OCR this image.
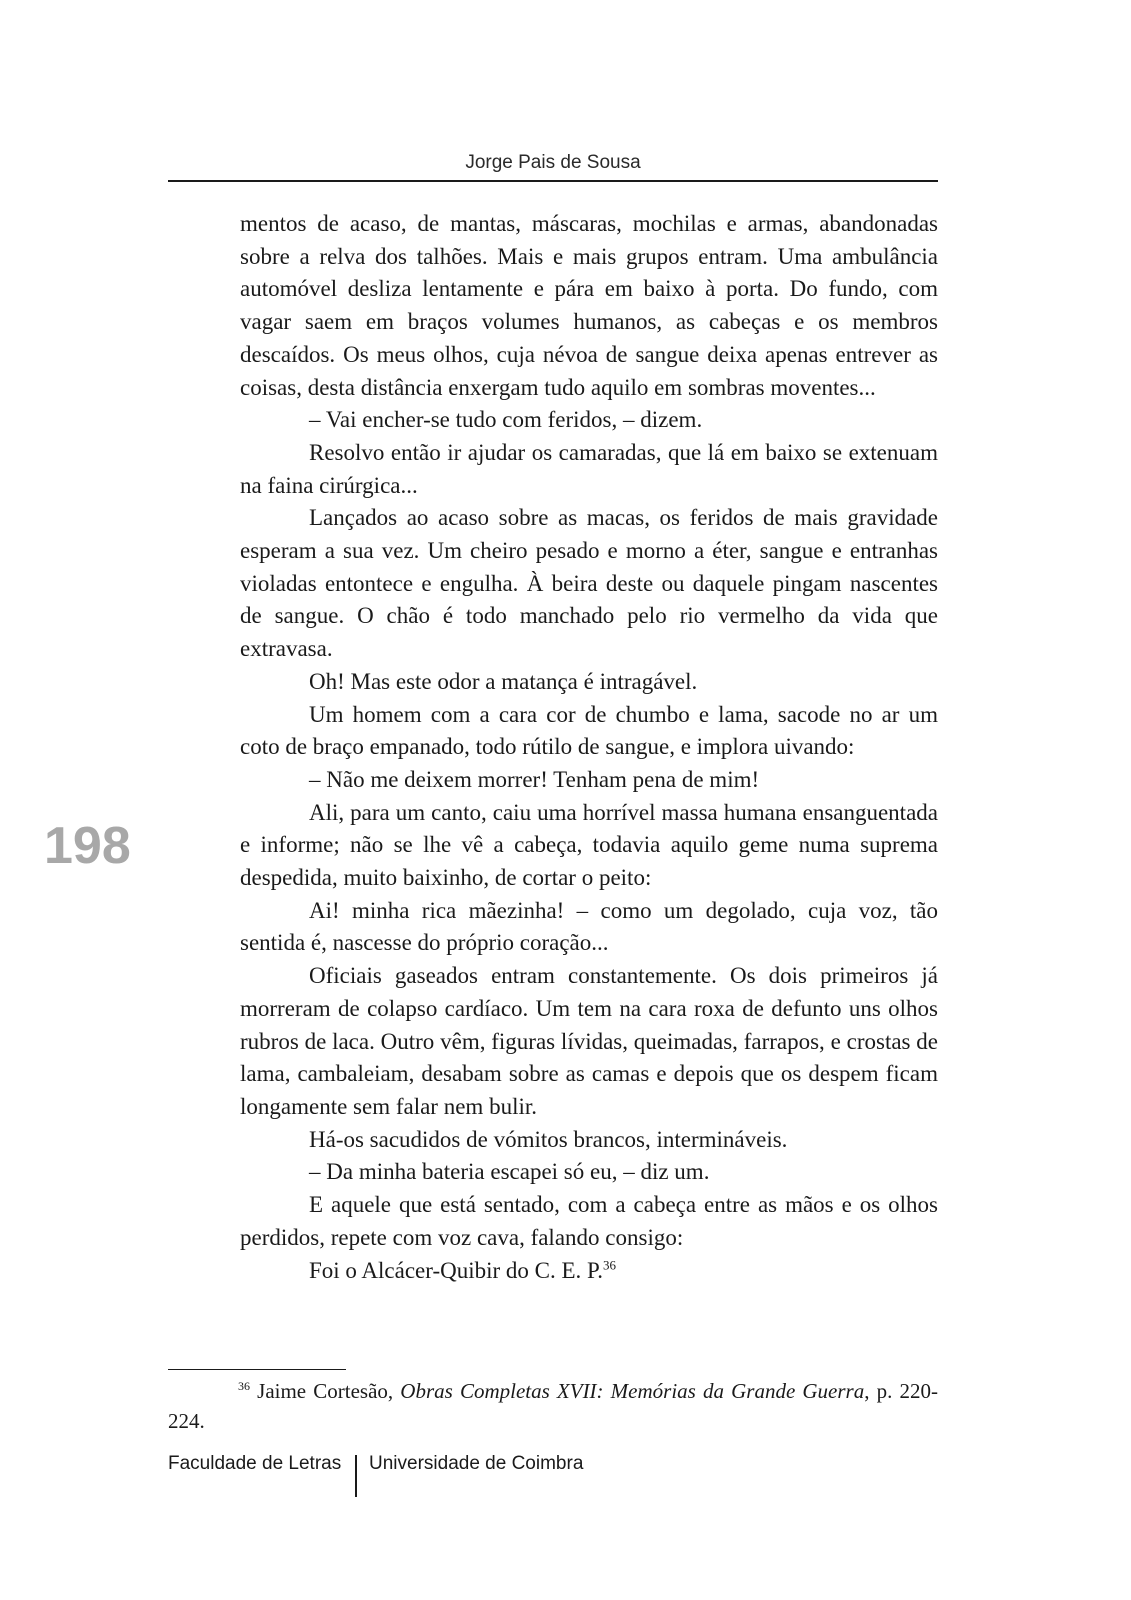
Jorge Pais de Sousa
198

mentos de acaso, de mantas, máscaras, mochilas e armas, abandonadas sobre a relva dos talhões. Mais e mais grupos entram. Uma ambulância automóvel desliza lentamente e pára em baixo à porta. Do fundo, com vagar saem em braços volumes humanos, as cabeças e os membros descaídos. Os meus olhos, cuja névoa de sangue deixa apenas entrever as coisas, desta distância enxergam tudo aquilo em sombras moventes...

– Vai encher-se tudo com feridos, – dizem.

Resolvo então ir ajudar os camaradas, que lá em baixo se extenuam na faina cirúrgica...

Lançados ao acaso sobre as macas, os feridos de mais gravidade esperam a sua vez. Um cheiro pesado e morno a éter, sangue e entranhas violadas entontece e engulha. À beira deste ou daquele pingam nascentes de sangue. O chão é todo manchado pelo rio vermelho da vida que extravasa.

Oh! Mas este odor a matança é intragável.

Um homem com a cara cor de chumbo e lama, sacode no ar um coto de braço empanado, todo rútilo de sangue, e implora uivando:

– Não me deixem morrer! Tenham pena de mim!

Ali, para um canto, caiu uma horrível massa humana ensanguentada e informe; não se lhe vê a cabeça, todavia aquilo geme numa suprema despedida, muito baixinho, de cortar o peito:

Ai! minha rica mãezinha! – como um degolado, cuja voz, tão sentida é, nascesse do próprio coração...

Oficiais gaseados entram constantemente. Os dois primeiros já morreram de colapso cardíaco. Um tem na cara roxa de defunto uns olhos rubros de laca. Outro vêm, figuras lívidas, queimadas, farrapos, e crostas de lama, cambaleiam, desabam sobre as camas e depois que os despem ficam longamente sem falar nem bulir.

Há-os sacudidos de vómitos brancos, intermináveis.

– Da minha bateria escapei só eu, – diz um.

E aquele que está sentado, com a cabeça entre as mãos e os olhos perdidos, repete com voz cava, falando consigo:

Foi o Alcácer-Quibir do C. E. P.$^{36}$

$^{36}$ Jaime Cortesão, Obras Completas XVII: Memórias da Grande Guerra, p. 220-224.
Faculdade de Letras Universidade de Coimbra
